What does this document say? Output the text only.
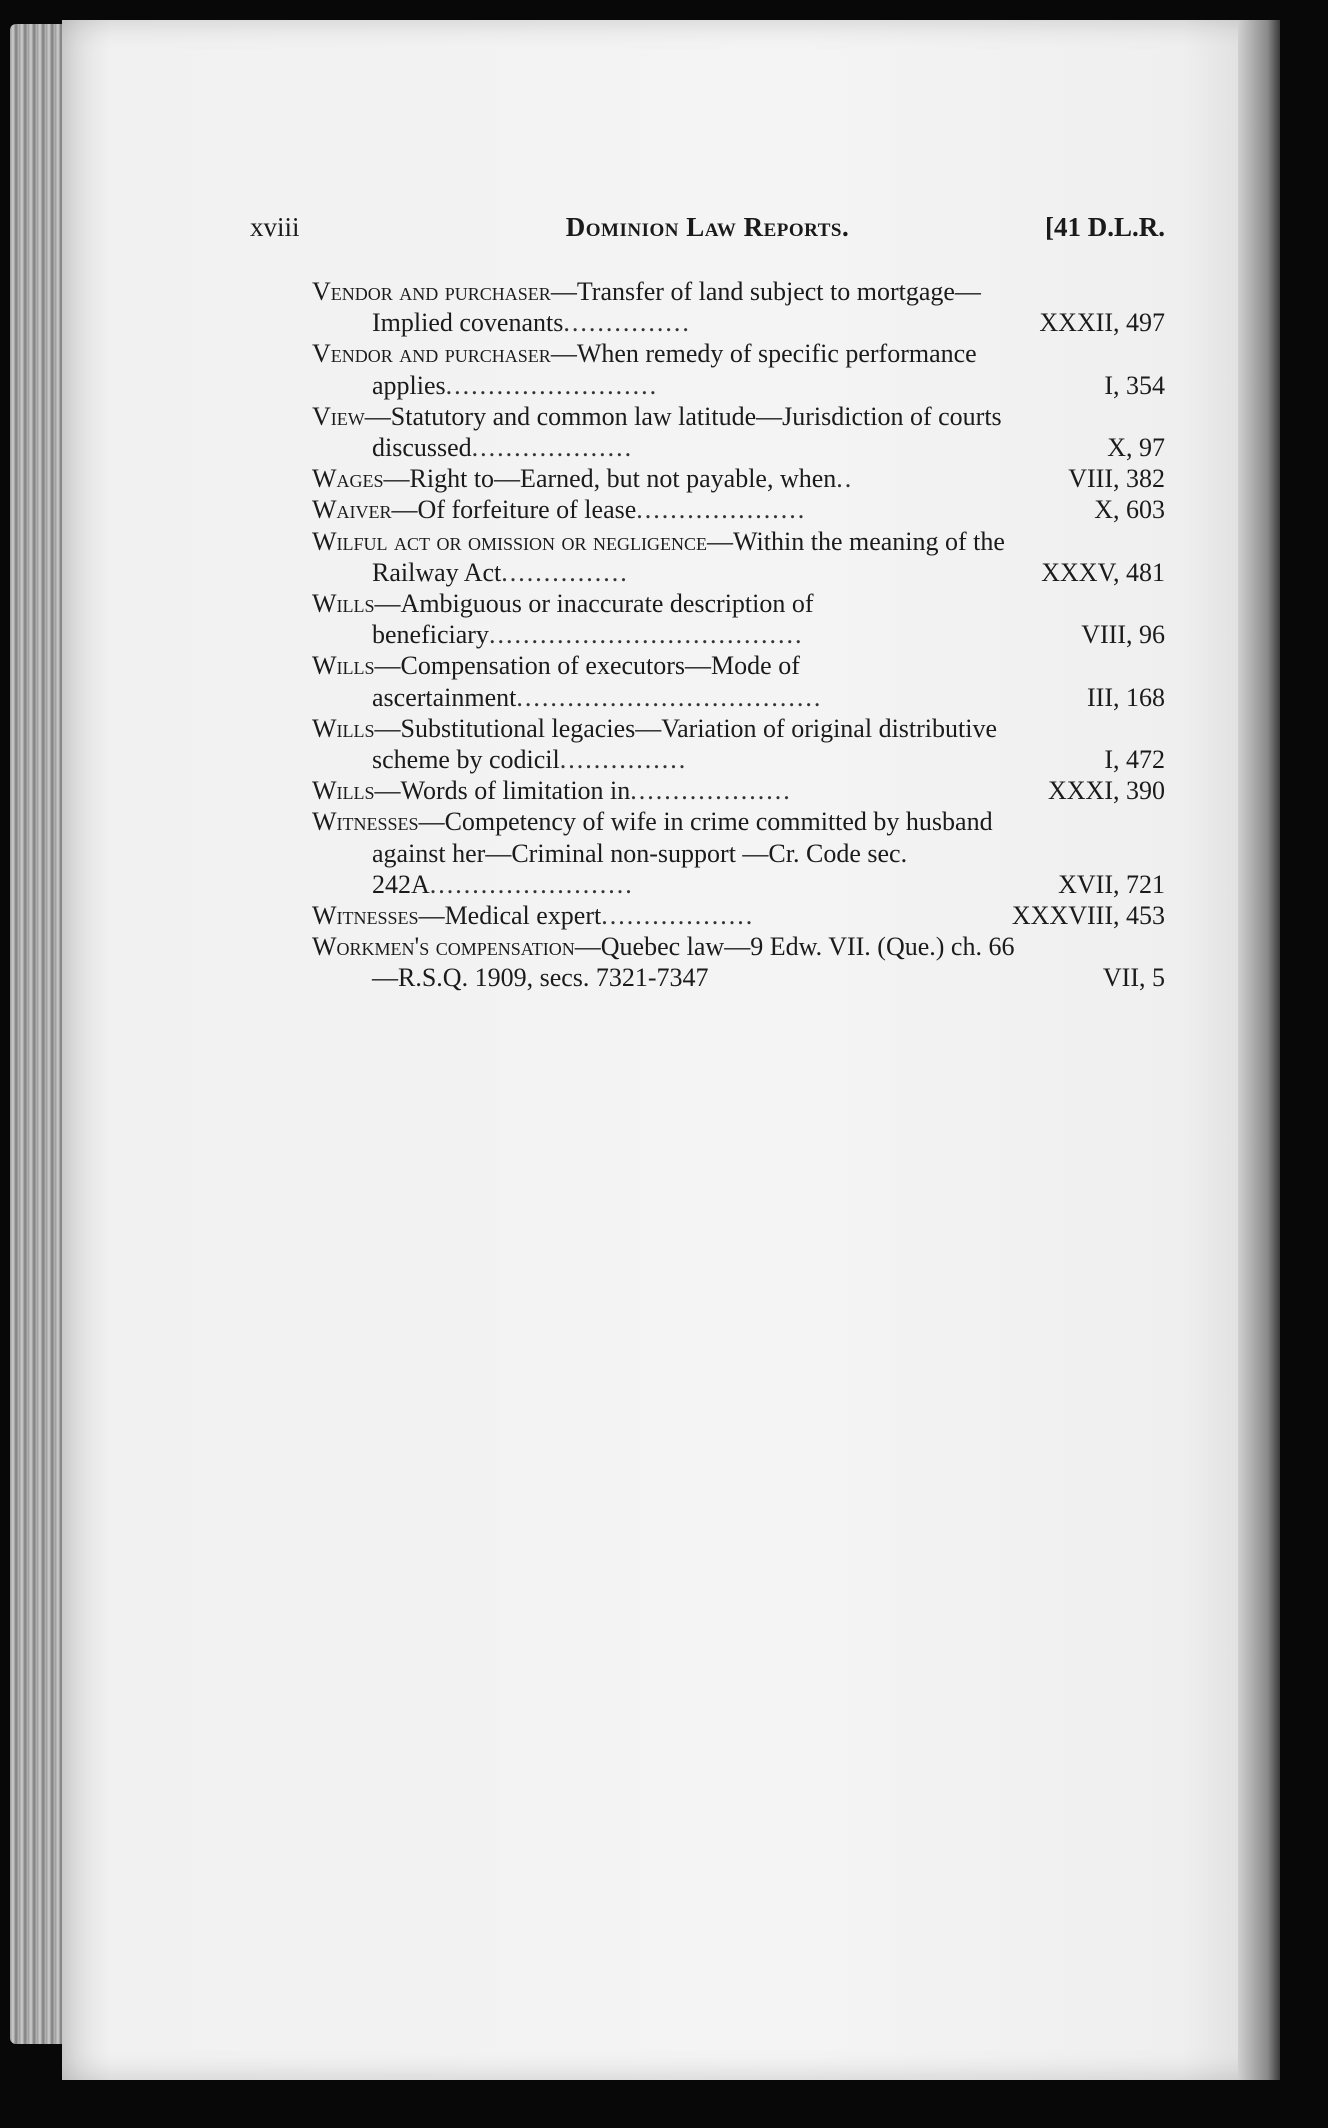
xviii	Dominion Law Reports.	[41 D.L.R.
Vendor and purchaser—Transfer of land subject to mortgage—Implied covenants...............	XXXII, 497
Vendor and purchaser—When remedy of specific performance applies.........................	I, 354
View—Statutory and common law latitude—Jurisdiction of courts discussed...................	X, 97
Wages—Right to—Earned, but not payable, when..	VIII, 382
Waiver—Of forfeiture of lease....................	X, 603
Wilful act or omission or negligence—Within the meaning of the Railway Act...............	XXXV, 481
Wills—Ambiguous or inaccurate description of beneficiary.....................................	VIII, 96
Wills—Compensation of executors—Mode of ascertainment....................................	III, 168
Wills—Substitutional legacies—Variation of original distributive scheme by codicil...............	I, 472
Wills—Words of limitation in...................	XXXI, 390
Witnesses—Competency of wife in crime committed by husband against her—Criminal non-support —Cr. Code sec. 242A........................	XVII, 721
Witnesses—Medical expert..................	XXXVIII, 453
Workmen's compensation—Quebec law—9 Edw. VII. (Que.) ch. 66—R.S.Q. 1909, secs. 7321-7347	VII, 5
